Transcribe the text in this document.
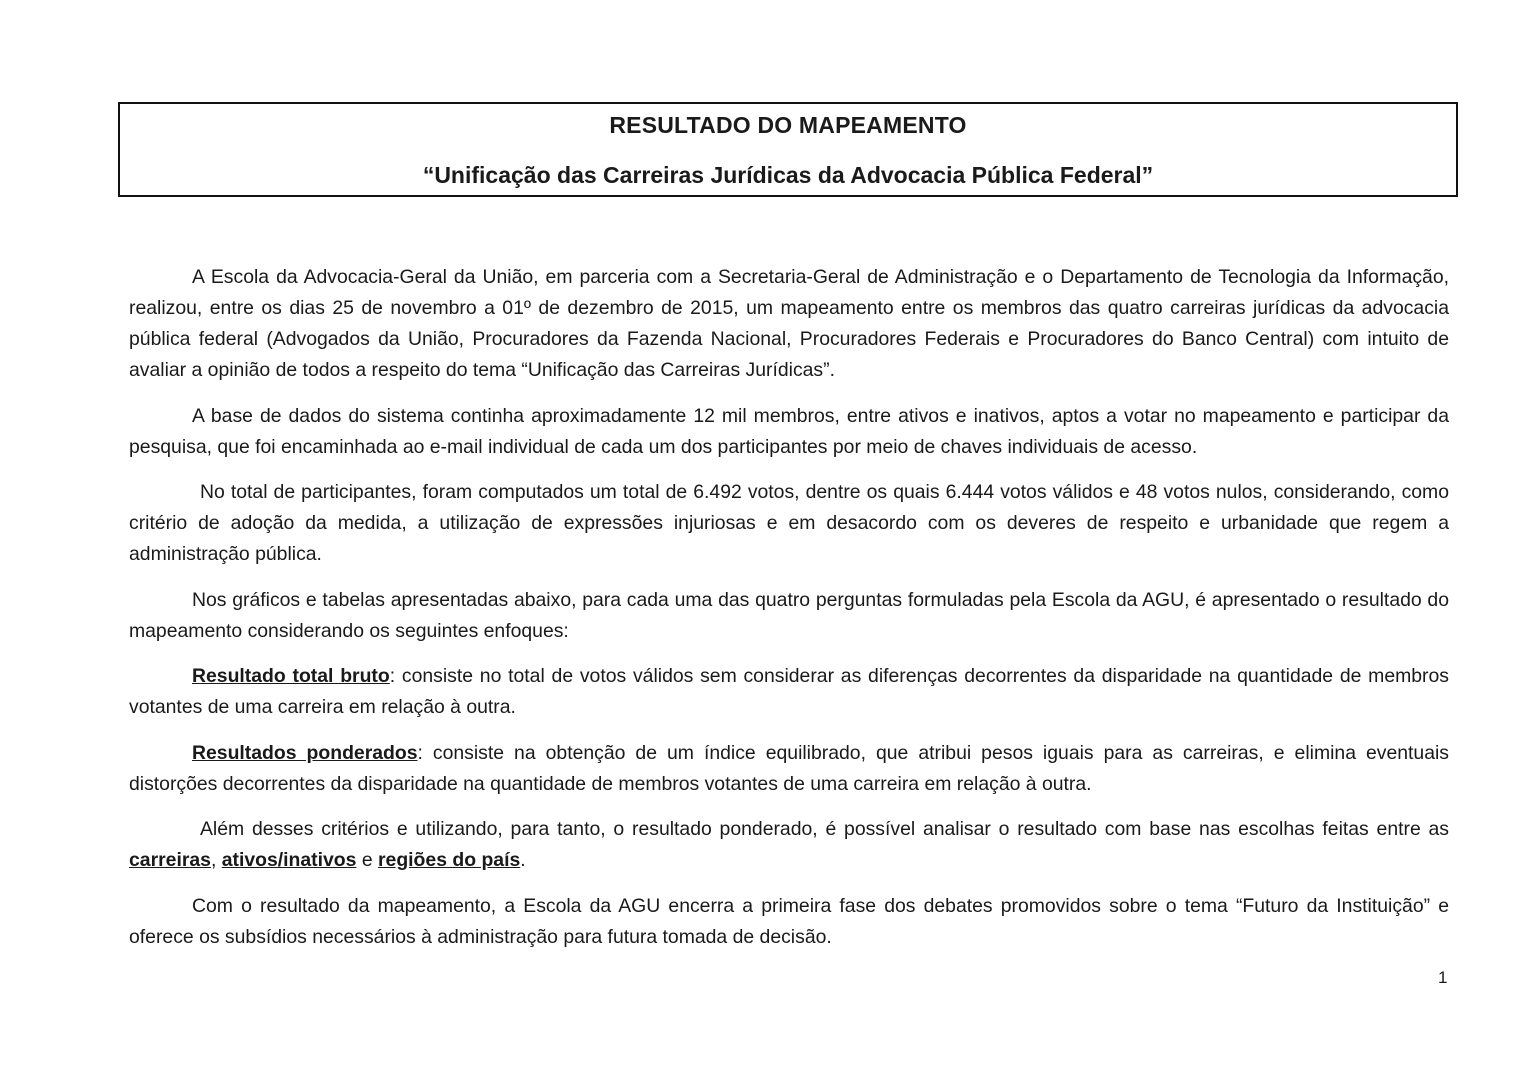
RESULTADO DO MAPEAMENTO
“Unificação das Carreiras Jurídicas da Advocacia Pública Federal”

A Escola da Advocacia-Geral da União, em parceria com a Secretaria-Geral de Administração e o Departamento de Tecnologia da Informação, realizou, entre os dias 25 de novembro a 01º de dezembro de 2015, um mapeamento entre os membros das quatro carreiras jurídicas da advocacia pública federal (Advogados da União, Procuradores da Fazenda Nacional, Procuradores Federais e Procuradores do Banco Central) com intuito de avaliar a opinião de todos a respeito do tema “Unificação das Carreiras Jurídicas”.

A base de dados do sistema continha aproximadamente 12 mil membros, entre ativos e inativos, aptos a votar no mapeamento e participar da pesquisa, que foi encaminhada ao e-mail individual de cada um dos participantes por meio de chaves individuais de acesso.

No total de participantes, foram computados um total de 6.492 votos, dentre os quais 6.444 votos válidos e 48 votos nulos, considerando, como critério de adoção da medida, a utilização de expressões injuriosas e em desacordo com os deveres de respeito e urbanidade que regem a administração pública.

Nos gráficos e tabelas apresentadas abaixo, para cada uma das quatro perguntas formuladas pela Escola da AGU, é apresentado o resultado do mapeamento considerando os seguintes enfoques:

Resultado total bruto: consiste no total de votos válidos sem considerar as diferenças decorrentes da disparidade na quantidade de membros votantes de uma carreira em relação à outra.

Resultados ponderados: consiste na obtenção de um índice equilibrado, que atribui pesos iguais para as carreiras, e elimina eventuais distorções decorrentes da disparidade na quantidade de membros votantes de uma carreira em relação à outra.

Além desses critérios e utilizando, para tanto, o resultado ponderado, é possível analisar o resultado com base nas escolhas feitas entre as carreiras, ativos/inativos e regiões do país.

Com o resultado da mapeamento, a Escola da AGU encerra a primeira fase dos debates promovidos sobre o tema “Futuro da Instituição” e oferece os subsídios necessários à administração para futura tomada de decisão.

1
